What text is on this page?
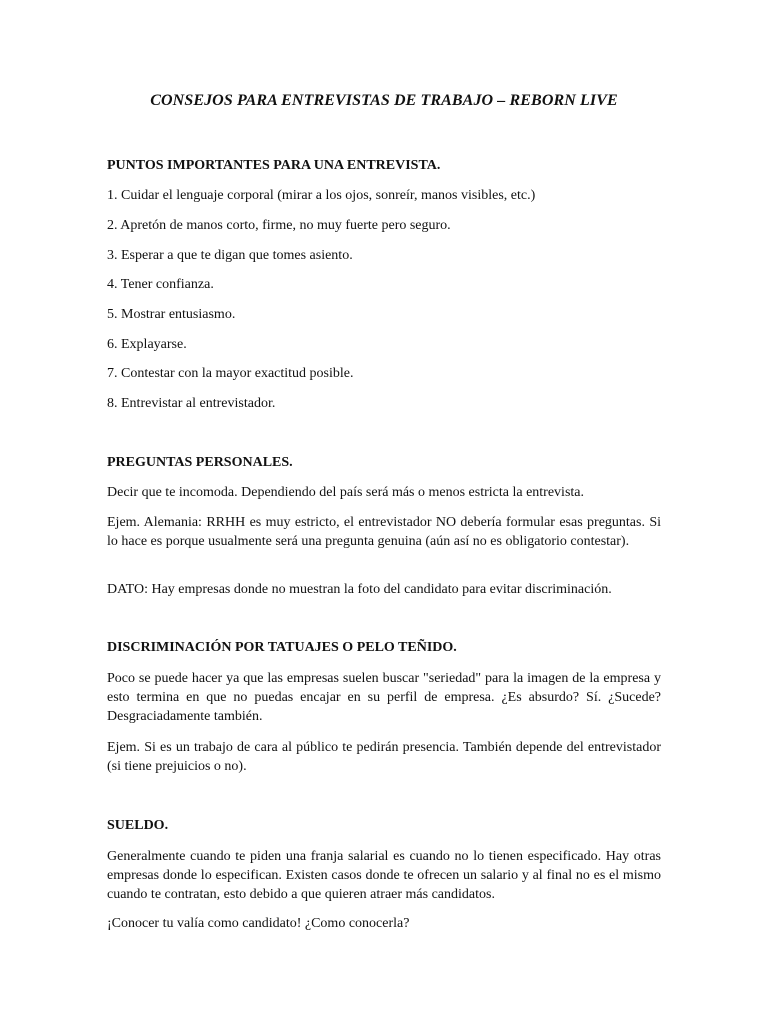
CONSEJOS PARA ENTREVISTAS DE TRABAJO – REBORN LIVE
PUNTOS IMPORTANTES PARA UNA ENTREVISTA.
1. Cuidar el lenguaje corporal (mirar a los ojos, sonreír, manos visibles, etc.)
2. Apretón de manos corto, firme, no muy fuerte pero seguro.
3. Esperar a que te digan que tomes asiento.
4. Tener confianza.
5. Mostrar entusiasmo.
6. Explayarse.
7. Contestar con la mayor exactitud posible.
8. Entrevistar al entrevistador.
PREGUNTAS PERSONALES.
Decir que te incomoda. Dependiendo del país será más o menos estricta la entrevista.
Ejem. Alemania: RRHH es muy estricto, el entrevistador NO debería formular esas preguntas. Si lo hace es porque usualmente será una pregunta genuina (aún así no es obligatorio contestar).
DATO: Hay empresas donde no muestran la foto del candidato para evitar discriminación.
DISCRIMINACIÓN POR TATUAJES O PELO TEÑIDO.
Poco se puede hacer ya que las empresas suelen buscar "seriedad" para la imagen de la empresa y esto termina en que no puedas encajar en su perfil de empresa. ¿Es absurdo? Sí. ¿Sucede? Desgraciadamente también.
Ejem. Si es un trabajo de cara al público te pedirán presencia. También depende del entrevistador (si tiene prejuicios o no).
SUELDO.
Generalmente cuando te piden una franja salarial es cuando no lo tienen especificado. Hay otras empresas donde lo especifican. Existen casos donde te ofrecen un salario y al final no es el mismo cuando te contratan, esto debido a que quieren atraer más candidatos.
¡Conocer tu valía como candidato! ¿Como conocerla?
